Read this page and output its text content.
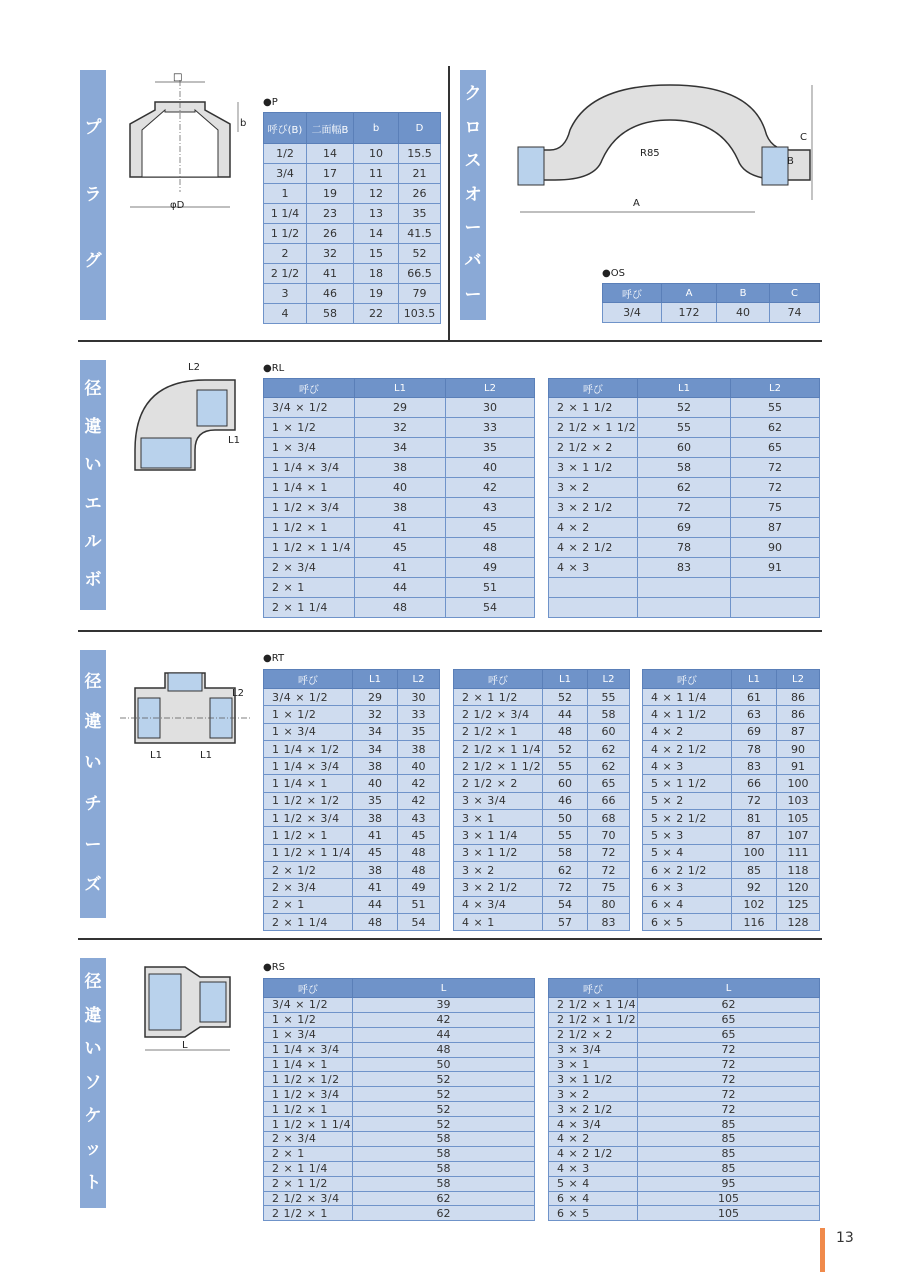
プ
ラ
グ
□
b
φD
●P
呼び(B)	二面幅B	b	D
1/2	14	10	15.5
3/4	17	11	21
1	19	12	26
1 1/4	23	13	35
1 1/2	26	14	41.5
2	32	15	52
2 1/2	41	18	66.5
3	46	19	79
4	58	22	103.5
ク
ロ
ス
オ
ー
バ
ー
A
B
C
R85
●OS
呼び	A	B	C
3/4	172	40	74
径
違
い
エ
ル
ボ
L2
L1
●RL
呼び	L1	L2
3/4 × 1/2	29	30
1 × 1/2	32	33
1 × 3/4	34	35
1 1/4 × 3/4	38	40
1 1/4 × 1	40	42
1 1/2 × 3/4	38	43
1 1/2 × 1	41	45
1 1/2 × 1 1/4	45	48
2 × 3/4	41	49
2 × 1	44	51
2 × 1 1/4	48	54
呼び	L1	L2
2 × 1 1/2	52	55
2 1/2 × 1 1/2	55	62
2 1/2 × 2	60	65
3 × 1 1/2	58	72
3 × 2	62	72
3 × 2 1/2	72	75
4 × 2	69	87
4 × 2 1/2	78	90
4 × 3	83	91

径
違
い
チ
ー
ズ
L1	L1
L2
●RT
呼び	L1	L2
3/4 × 1/2	29	30
1 × 1/2	32	33
1 × 3/4	34	35
1 1/4 × 1/2	34	38
1 1/4 × 3/4	38	40
1 1/4 × 1	40	42
1 1/2 × 1/2	35	42
1 1/2 × 3/4	38	43
1 1/2 × 1	41	45
1 1/2 × 1 1/4	45	48
2 × 1/2	38	48
2 × 3/4	41	49
2 × 1	44	51
2 × 1 1/4	48	54
呼び	L1	L2
2 × 1 1/2	52	55
2 1/2 × 3/4	44	58
2 1/2 × 1	48	60
2 1/2 × 1 1/4	52	62
2 1/2 × 1 1/2	55	62
2 1/2 × 2	60	65
3 × 3/4	46	66
3 × 1	50	68
3 × 1 1/4	55	70
3 × 1 1/2	58	72
3 × 2	62	72
3 × 2 1/2	72	75
4 × 3/4	54	80
4 × 1	57	83
呼び	L1	L2
4 × 1 1/4	61	86
4 × 1 1/2	63	86
4 × 2	69	87
4 × 2 1/2	78	90
4 × 3	83	91
5 × 1 1/2	66	100
5 × 2	72	103
5 × 2 1/2	81	105
5 × 3	87	107
5 × 4	100	111
6 × 2 1/2	85	118
6 × 3	92	120
6 × 4	102	125
6 × 5	116	128
径
違
い
ソ
ケ
ッ
ト
L
●RS
呼び	L
3/4 × 1/2	39
1 × 1/2	42
1 × 3/4	44
1 1/4 × 3/4	48
1 1/4 × 1	50
1 1/2 × 1/2	52
1 1/2 × 3/4	52
1 1/2 × 1	52
1 1/2 × 1 1/4	52
2 × 3/4	58
2 × 1	58
2 × 1 1/4	58
2 × 1 1/2	58
2 1/2 × 3/4	62
2 1/2 × 1	62
呼び	L
2 1/2 × 1 1/4	62
2 1/2 × 1 1/2	65
2 1/2 × 2	65
3 × 3/4	72
3 × 1	72
3 × 1 1/2	72
3 × 2	72
3 × 2 1/2	72
4 × 3/4	85
4 × 2	85
4 × 2 1/2	85
4 × 3	85
5 × 4	95
6 × 4	105
6 × 5	105
13
